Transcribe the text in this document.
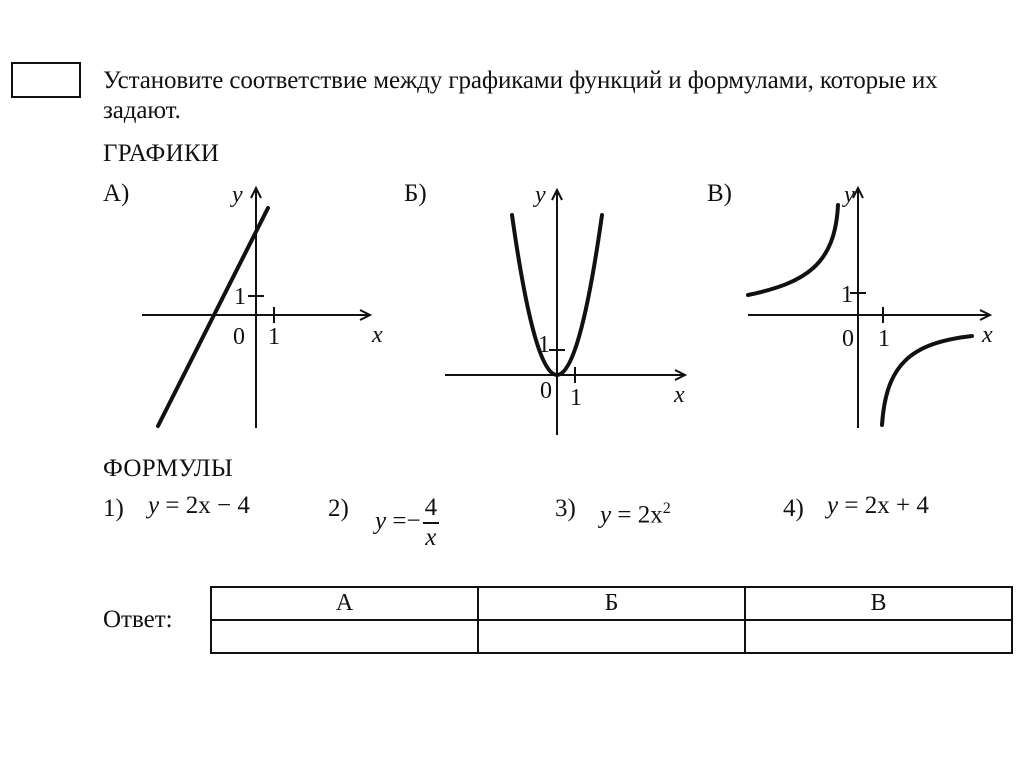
Установите соответствие между графиками функций и формулами, которые их задают.
ГРАФИКИ
А)
0 1
1
x
y	Б)
0 1
1
x
y	В)
0 1
1
x
y
ФОРМУЛЫ
1) y = 2x − 4	2) $y =- \frac{4}{x}$	3) $y = 2x^2$	4) y = 2x + 4
Ответ:
А	Б	В
